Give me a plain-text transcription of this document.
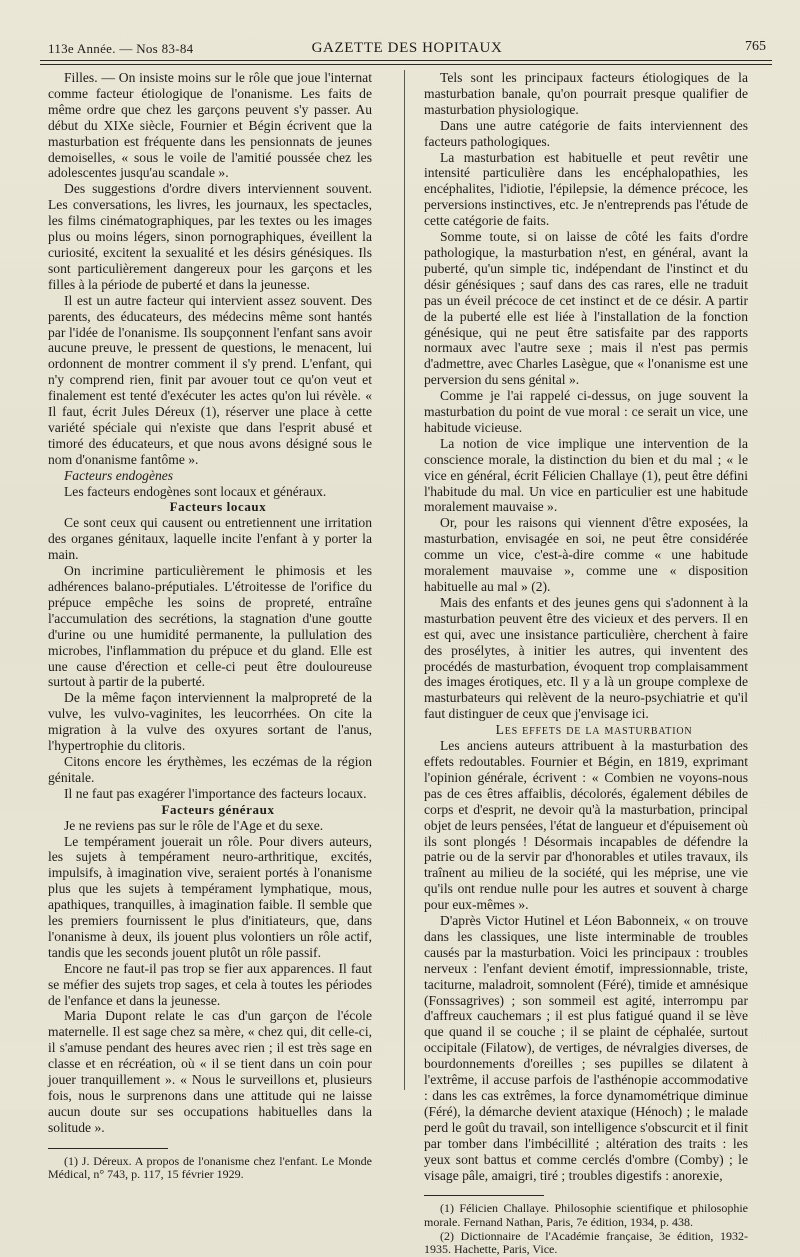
113e Année. — Nos 83-84	GAZETTE DES HOPITAUX	765

Filles. — On insiste moins sur le rôle que joue l'internat comme facteur étiologique de l'onanisme. Les faits de même ordre que chez les garçons peuvent s'y passer. Au début du XIXe siècle, Fournier et Bégin écrivent que la masturbation est fréquente dans les pensionnats de jeunes demoiselles, « sous le voile de l'amitié poussée chez les adolescentes jusqu'au scandale ».

Des suggestions d'ordre divers interviennent souvent. Les conversations, les livres, les journaux, les spectacles, les films cinématographiques, par les textes ou les images plus ou moins légers, sinon pornographiques, éveillent la curiosité, excitent la sexualité et les désirs génésiques. Ils sont particulièrement dangereux pour les garçons et les filles à la période de puberté et dans la jeunesse.

Il est un autre facteur qui intervient assez souvent. Des parents, des éducateurs, des médecins même sont hantés par l'idée de l'onanisme. Ils soupçonnent l'enfant sans avoir aucune preuve, le pressent de questions, le menacent, lui ordonnent de montrer comment il s'y prend. L'enfant, qui n'y comprend rien, finit par avouer tout ce qu'on veut et finalement est tenté d'exécuter les actes qu'on lui révèle. « Il faut, écrit Jules Déreux (1), réserver une place à cette variété spéciale qui n'existe que dans l'esprit abusé et timoré des éducateurs, et que nous avons désigné sous le nom d'onanisme fantôme ».

Facteurs endogènes

Les facteurs endogènes sont locaux et généraux.

Facteurs locaux

Ce sont ceux qui causent ou entretiennent une irritation des organes génitaux, laquelle incite l'enfant à y porter la main.

On incrimine particulièrement le phimosis et les adhérences balano-préputiales. L'étroitesse de l'orifice du prépuce empêche les soins de propreté, entraîne l'accumulation des secrétions, la stagnation d'une goutte d'urine ou une humidité permanente, la pullulation des microbes, l'inflammation du prépuce et du gland. Elle est une cause d'érection et celle-ci peut être douloureuse surtout à partir de la puberté.

De la même façon interviennent la malpropreté de la vulve, les vulvo-vaginites, les leucorrhées. On cite la migration à la vulve des oxyures sortant de l'anus, l'hypertrophie du clitoris.

Citons encore les érythèmes, les eczémas de la région génitale.

Il ne faut pas exagérer l'importance des facteurs locaux.

Facteurs généraux

Je ne reviens pas sur le rôle de l'Age et du sexe.

Le tempérament jouerait un rôle. Pour divers auteurs, les sujets à tempérament neuro-arthritique, excités, impulsifs, à imagination vive, seraient portés à l'onanisme plus que les sujets à tempérament lymphatique, mous, apathiques, tranquilles, à imagination faible. Il semble que les premiers fournissent le plus d'initiateurs, que, dans l'onanisme à deux, ils jouent plus volontiers un rôle actif, tandis que les seconds jouent plutôt un rôle passif.

Encore ne faut-il pas trop se fier aux apparences. Il faut se méfier des sujets trop sages, et cela à toutes les périodes de l'enfance et dans la jeunesse.

Maria Dupont relate le cas d'un garçon de l'école maternelle. Il est sage chez sa mère, « chez qui, dit celle-ci, il s'amuse pendant des heures avec rien ; il est très sage en classe et en récréation, où « il se tient dans un coin pour jouer tranquillement ». « Nous le surveillons et, plusieurs fois, nous le surprenons dans une attitude qui ne laisse aucun doute sur ses occupations habituelles dans la solitude ».

(1) J. Déreux. A propos de l'onanisme chez l'enfant. Le Monde Médical, n° 743, p. 117, 15 février 1929.

Tels sont les principaux facteurs étiologiques de la masturbation banale, qu'on pourrait presque qualifier de masturbation physiologique.

Dans une autre catégorie de faits interviennent des facteurs pathologiques.

La masturbation est habituelle et peut revêtir une intensité particulière dans les encéphalopathies, les encéphalites, l'idiotie, l'épilepsie, la démence précoce, les perversions instinctives, etc. Je n'entreprends pas l'étude de cette catégorie de faits.

Somme toute, si on laisse de côté les faits d'ordre pathologique, la masturbation n'est, en général, avant la puberté, qu'un simple tic, indépendant de l'instinct et du désir génésiques ; sauf dans des cas rares, elle ne traduit pas un éveil précoce de cet instinct et de ce désir. A partir de la puberté elle est liée à l'installation de la fonction génésique, qui ne peut être satisfaite par des rapports normaux avec l'autre sexe ; mais il n'est pas permis d'admettre, avec Charles Lasègue, que « l'onanisme est une perversion du sens génital ».

Comme je l'ai rappelé ci-dessus, on juge souvent la masturbation du point de vue moral : ce serait un vice, une habitude vicieuse.

La notion de vice implique une intervention de la conscience morale, la distinction du bien et du mal ; « le vice en général, écrit Félicien Challaye (1), peut être défini l'habitude du mal. Un vice en particulier est une habitude moralement mauvaise ».

Or, pour les raisons qui viennent d'être exposées, la masturbation, envisagée en soi, ne peut être considérée comme un vice, c'est-à-dire comme « une habitude moralement mauvaise », comme une « disposition habituelle au mal » (2).

Mais des enfants et des jeunes gens qui s'adonnent à la masturbation peuvent être des vicieux et des pervers. Il en est qui, avec une insistance particulière, cherchent à faire des prosélytes, à initier les autres, qui inventent des procédés de masturbation, évoquent trop complaisamment des images érotiques, etc. Il y a là un groupe complexe de masturbateurs qui relèvent de la neuro-psychiatrie et qu'il faut distinguer de ceux que j'envisage ici.

Les effets de la masturbation

Les anciens auteurs attribuent à la masturbation des effets redoutables. Fournier et Bégin, en 1819, exprimant l'opinion générale, écrivent : « Combien ne voyons-nous pas de ces êtres affaiblis, décolorés, également débiles de corps et d'esprit, ne devoir qu'à la masturbation, principal objet de leurs pensées, l'état de langueur et d'épuisement où ils sont plongés ! Désormais incapables de défendre la patrie ou de la servir par d'honorables et utiles travaux, ils traînent au milieu de la société, qui les méprise, une vie qu'ils ont rendue nulle pour les autres et souvent à charge pour eux-mêmes ».

D'après Victor Hutinel et Léon Babonneix, « on trouve dans les classiques, une liste interminable de troubles causés par la masturbation. Voici les principaux : troubles nerveux : l'enfant devient émotif, impressionnable, triste, taciturne, maladroit, somnolent (Féré), timide et amnésique (Fonssagrives) ; son sommeil est agité, interrompu par d'affreux cauchemars ; il est plus fatigué quand il se lève que quand il se couche ; il se plaint de céphalée, surtout occipitale (Filatow), de vertiges, de névralgies diverses, de bourdonnements d'oreilles ; ses pupilles se dilatent à l'extrême, il accuse parfois de l'asthénopie accommodative : dans les cas extrêmes, la force dynamométrique diminue (Féré), la démarche devient ataxique (Hénoch) ; le malade perd le goût du travail, son intelligence s'obscurcit et il finit par tomber dans l'imbécillité ; altération des traits : les yeux sont battus et comme cerclés d'ombre (Comby) ; le visage pâle, amaigri, tiré ; troubles digestifs : anorexie,

(1) Félicien Challaye. Philosophie scientifique et philosophie morale. Fernand Nathan, Paris, 7e édition, 1934, p. 438.

(2) Dictionnaire de l'Académie française, 3e édition, 1932-1935. Hachette, Paris, Vice.
